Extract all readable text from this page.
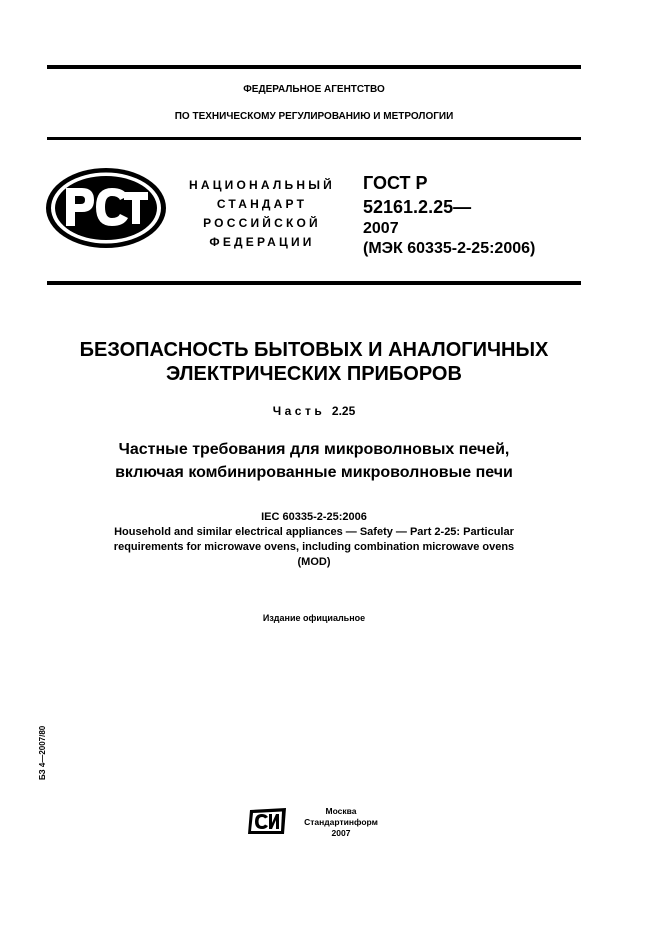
ФЕДЕРАЛЬНОЕ АГЕНТСТВО
ПО ТЕХНИЧЕСКОМУ РЕГУЛИРОВАНИЮ И МЕТРОЛОГИИ
НАЦИОНАЛЬНЫЙ
СТАНДАРТ
РОССИЙСКОЙ
ФЕДЕРАЦИИ
ГОСТ Р
52161.2.25—
2007
(МЭК 60335-2-25:2006)
БЕЗОПАСНОСТЬ БЫТОВЫХ И АНАЛОГИЧНЫХ
ЭЛЕКТРИЧЕСКИХ ПРИБОРОВ
Часть 2.25
Частные требования для микроволновых печей,
включая комбинированные микроволновые печи
IEC 60335-2-25:2006
Household and similar electrical appliances — Safety — Part 2-25: Particular
requirements for microwave ovens, including combination microwave ovens
(MOD)
Издание официальное
БЗ 4—2007/80
Москва
Стандартинформ
2007
